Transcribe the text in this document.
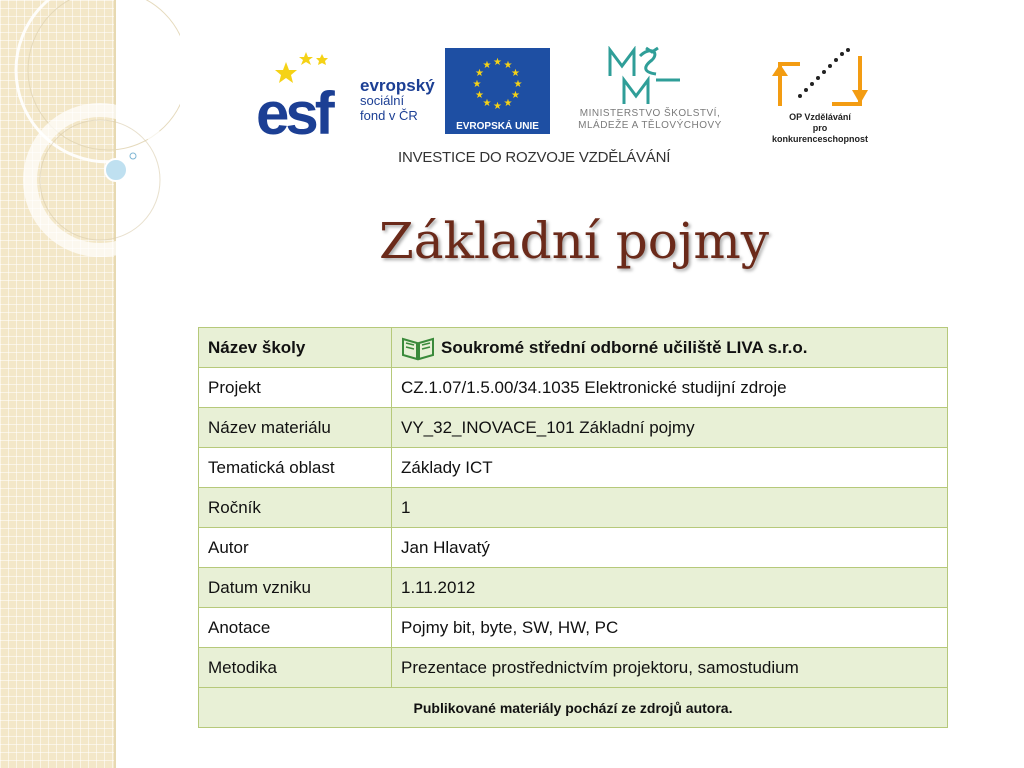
esf evropský
sociální
fond v ČR
★ ★
★
★
★
★
★
★
★
★
★
★
EVROPSKÁ UNIE
MINISTERSTVO ŠKOLSTVÍ,
MLÁDEŽE A TĚLOVÝCHOVY
OP Vzdělávání
pro konkurenceschopnost
INVESTICE DO ROZVOJE VZDĚLÁVÁNÍ
Základní pojmy
Název školy	Soukromé střední odborné učiliště LIVA s.r.o.

Projekt	CZ.1.07/1.5.00/34.1035 Elektronické studijní zdroje
Název materiálu	VY_32_INOVACE_101 Základní pojmy
Tematická oblast	Základy ICT
Ročník	1
Autor	Jan Hlavatý
Datum vzniku	1.11.2012
Anotace	Pojmy bit, byte, SW, HW, PC
Metodika	Prezentace prostřednictvím projektoru, samostudium
Publikované materiály pochází ze zdrojů autora.	
